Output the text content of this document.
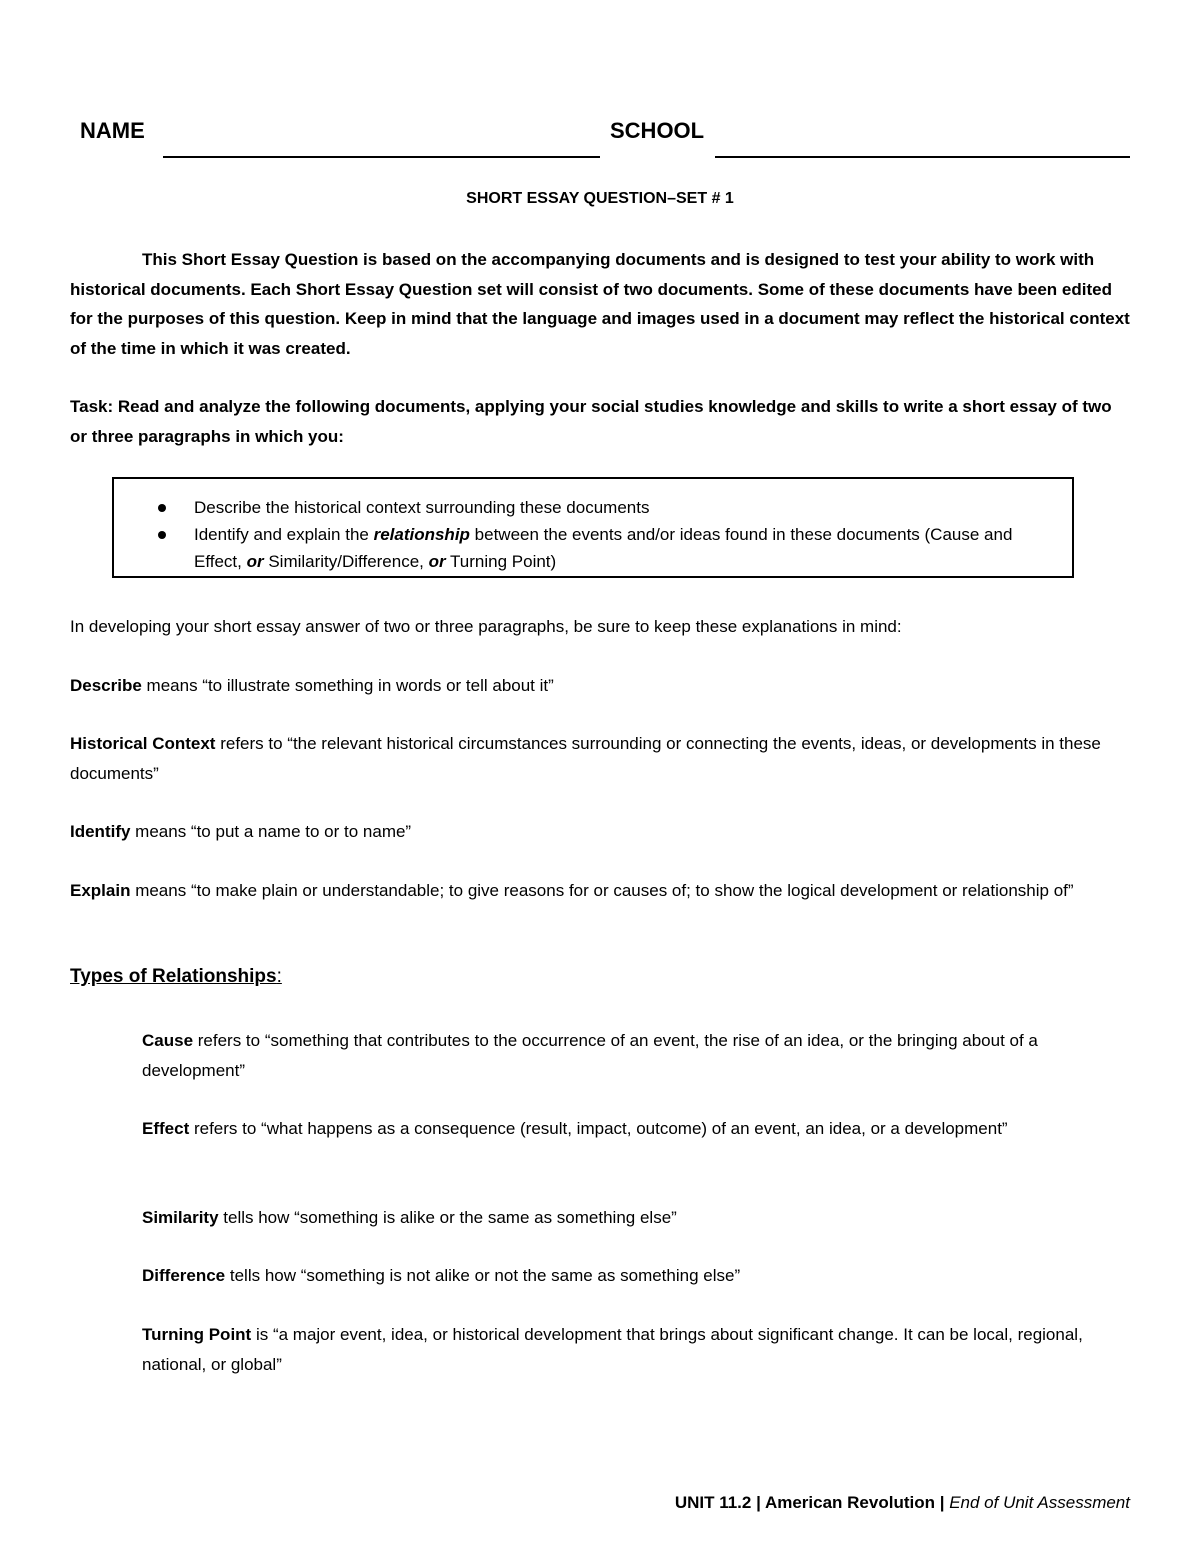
NAME	SCHOOL
SHORT ESSAY QUESTION–SET # 1
This Short Essay Question is based on the accompanying documents and is designed to test your ability to work with historical documents. Each Short Essay Question set will consist of two documents. Some of these documents have been edited for the purposes of this question. Keep in mind that the language and images used in a document may reflect the historical context of the time in which it was created.
Task: Read and analyze the following documents, applying your social studies knowledge and skills to write a short essay of two or three paragraphs in which you:
Describe the historical context surrounding these documents
Identify and explain the relationship between the events and/or ideas found in these documents (Cause and Effect, or Similarity/Difference, or Turning Point)
In developing your short essay answer of two or three paragraphs, be sure to keep these explanations in mind:
Describe means “to illustrate something in words or tell about it”
Historical Context refers to “the relevant historical circumstances surrounding or connecting the events, ideas, or developments in these documents”
Identify means “to put a name to or to name”
Explain means “to make plain or understandable; to give reasons for or causes of; to show the logical development or relationship of”
Types of Relationships:
Cause refers to “something that contributes to the occurrence of an event, the rise of an idea, or the bringing about of a development”
Effect refers to “what happens as a consequence (result, impact, outcome) of an event, an idea, or a development”
Similarity tells how “something is alike or the same as something else”
Difference tells how “something is not alike or not the same as something else”
Turning Point is “a major event, idea, or historical development that brings about significant change. It can be local, regional, national, or global”
UNIT 11.2 | American Revolution | End of Unit Assessment
